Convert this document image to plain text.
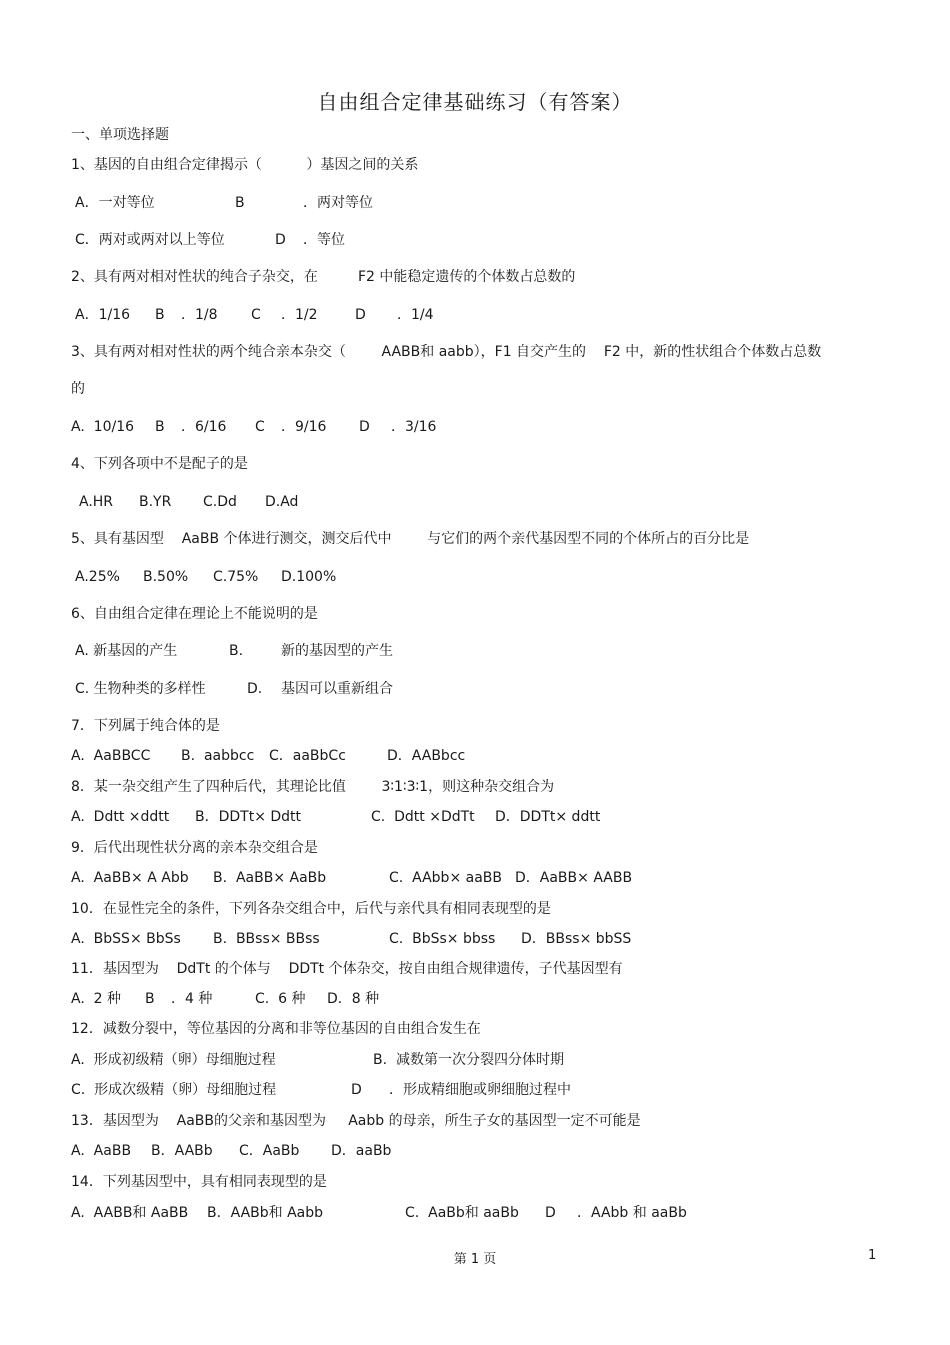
自由组合定律基础练习（有答案）
一、单项选择题
1、基因的自由组合定律揭示（          ）基因之间的关系
A．一对等位	B	．两对等位
C．两对或两对以上等位	D ．等位
2、具有两对相对性状的纯合子杂交，在         F2 中能稳定遗传的个体数占总数的
A．1/16 B ．1/8 C ．1/2	D ．1/4
3、具有两对相对性状的两个纯合亲本杂交（        AABB和 aabb），F1 自交产生的    F2 中，新的性状组合个体数占总数
的
A.  10/16 B ．6/16 C ．9/16 D ．3/16
4、下列各项中不是配子的是
A.HR B.YR C.Dd D.Ad
5、具有基因型    AaBB 个体进行测交，测交后代中        与它们的两个亲代基因型不同的个体所占的百分比是
A.25% B.50% C.75% D.100%
6、自由组合定律在理论上不能说明的是
A. 新基因的产生	B.	新的基因型的产生
C. 生物种类的多样性	D. 基因可以重新组合
7．下列属于纯合体的是
A.  AaBBCC B.  aabbcc C．aaBbCc	D．AABbcc
8．某一杂交组产生了四种后代，其理论比值        3∶1∶3∶1，则这种杂交组合为
A.  Ddtt ×ddtt B．DDTt× Ddtt	C.  Ddtt ×DdTt D．DDTt× ddtt
9．后代出现性状分离的亲本杂交组合是
A.  AaBB× A Abb B.  AaBB× AaBb	C.  AAbb× aaBB D．AaBB× AABB
10．在显性完全的条件，下列各杂交组合中，后代与亲代具有相同表现型的是
A.  BbSS× BbSs B.  BBss× BBss	C.  BbSs× bbss D．BBss× bbSS
11．基因型为    DdTt 的个体与    DDTt 个体杂交，按自由组合规律遗传，子代基因型有
A.  2 种 B ．4 种	C.  6 种 D．8 种
12．减数分裂中，等位基因的分离和非等位基因的自由组合发生在
A.  形成初级精（卵）母细胞过程	B.  减数第一次分裂四分体时期
C.  形成次级精（卵）母细胞过程	D ．形成精细胞或卵细胞过程中
13．基因型为    AaBB的父亲和基因型为     Aabb 的母亲，所生子女的基因型一定不可能是
A.  AaBB B．AABb C．AaBb D．aaBb
14．下列基因型中，具有相同表现型的是
A.  AABB和 AaBB B．AABb和 Aabb	C.  AaBb和 aaBb D ．AAbb 和 aaBb
第 1 页	1
